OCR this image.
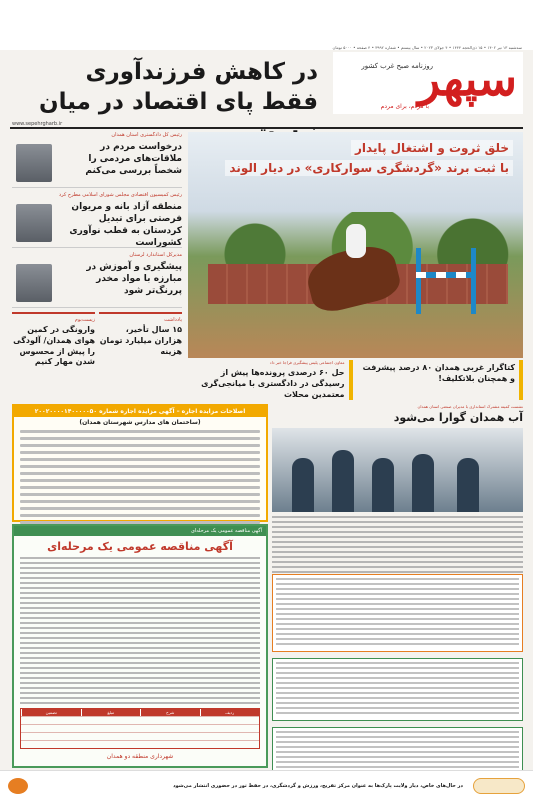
سه‌شنبه ۱۳ تیر ۱۴۰۲ • ۱۵ ذی‌الحجه ۱۴۴۴ • ۴ جولای ۲۰۲۳ • سال بیستم • شماره ۳۹۹۲ • ۴ صفحه • ۵۰۰۰ تومان
سپهر
روزنامه صبح غرب کشور
با مردم، برای مردم
در کاهش فرزندآوری
فقط پای اقتصاد در میان
www.sepehrgharb.ir
رئیس کل دادگستری استان همدان
درخواست مردم در ملاقات‌های مردمی را شخصاً بررسی می‌کنم
رئیس کمیسیون اقتصادی مجلس شورای اسلامی مطرح کرد
منطقه آزاد بانه و مریوان فرصتی برای تبدیل کردستان به قطب نوآوری کشوراست
مدیرکل استاندارد لرستان
پیشگیری و آموزش در مبارزه با مواد مخدر پررنگ‌تر شود
یادداشت
۱۵ سال تأخیر، هزاران میلیارد تومان هزینه
زیست‌بوم
وارونگی در کمین هوای همدان/ آلودگی را پیش از محسوس شدن مهار کنیم
خلق ثروت و اشتغال پایدار
با ثبت برند «گردشگری سوارکاری» در دیار الوند
کتاگرار غربی همدان ۸۰ درصد پیشرفت و همچنان بلاتکلیف!
معاون اجتماعی پلیس پیشگیری فراجا خبر داد
حل ۶۰ درصدی پرونده‌ها پیش از رسیدگی در دادگستری با میانجی‌گری معتمدین محلات
اصلاحات مزایده اجاره – آگهی مزایده اجاره شماره ۲۰۰۲۰۰۰۰۱۴۰۰۰۰۰۵۰
(ساختمان های مدارس شهرستان همدان)
نشست کمیته مشترک استانداری با مدیران صنعتی استان همدان
آب همدان گوارا می‌شود
آگهی مناقصه عمومی یک مرحله‌ای
آگهی مناقصه عمومی یک مرحله‌ای
ردیف
شرح
مبلغ
تضمین
شهرداری منطقه دو همدان
در حال‌های خاص، دیار ولایت پارک‌ها به عنوان مرکز تفریح، ورزش و گردشگری، در حفظ تور در حضوری انتشار می‌شود
